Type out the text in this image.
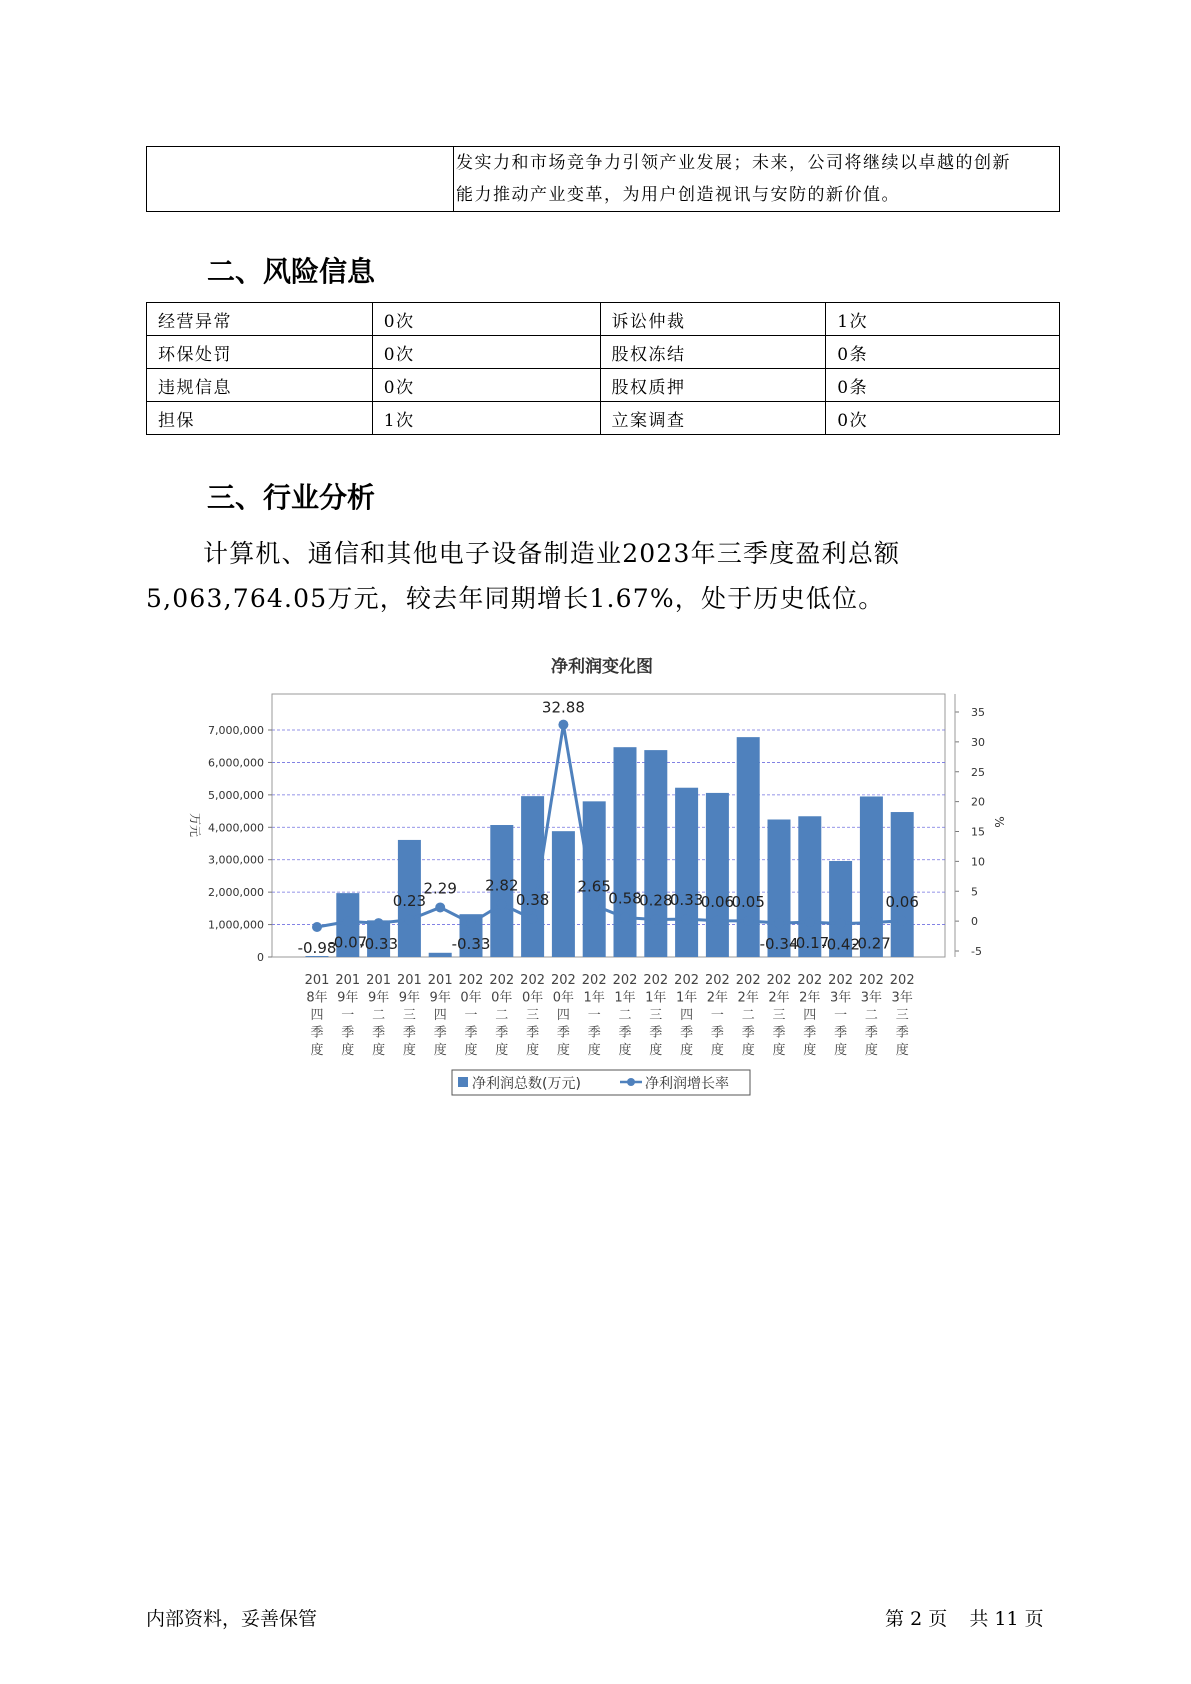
发实力和市场竞争力引领产业发展；未来，公司将继续以卓越的创新
能力推动产业变革，为用户创造视讯与安防的新价值。
二、风险信息
经营异常	0次	诉讼仲裁	1次
环保处罚	0次	股权冻结	0条
违规信息	0次	股权质押	0条
担保	1次	立案调查	0次
三、行业分析
计算机、通信和其他电子设备制造业2023年三季度盈利总额
5,063,764.05万元，较去年同期增长1.67%，处于历史低位。
净利润变化图
0
1,000,000
2,000,000
3,000,000
4,000,000
5,000,000
6,000,000
7,000,000
-5
0
5
10
15
20
25
30
35
万元	%
-0.98
-0.07
-0.33
0.23
2.29
-0.33
2.82
0.38
32.88
2.65
0.58
0.28
0.33
0.06
0.05
-0.34
-0.17
-0.42
-0.27
0.06
201
8年
四
季
度
201
9年
一
季
度
201
9年
二
季
度
201
9年
三
季
度
201
9年
四
季
度
202
0年
一
季
度
202
0年
二
季
度
202
0年
三
季
度
202
0年
四
季
度
202
1年
一
季
度
202
1年
二
季
度
202
1年
三
季
度
202
1年
四
季
度
202
2年
一
季
度
202
2年
二
季
度
202
2年
三
季
度
202
2年
四
季
度
202
3年
一
季
度
202
3年
二
季
度
202
3年
三
季
度
净利润总数(万元)	净利润增长率
内部资料，妥善保管	第 2 页 共 11 页
